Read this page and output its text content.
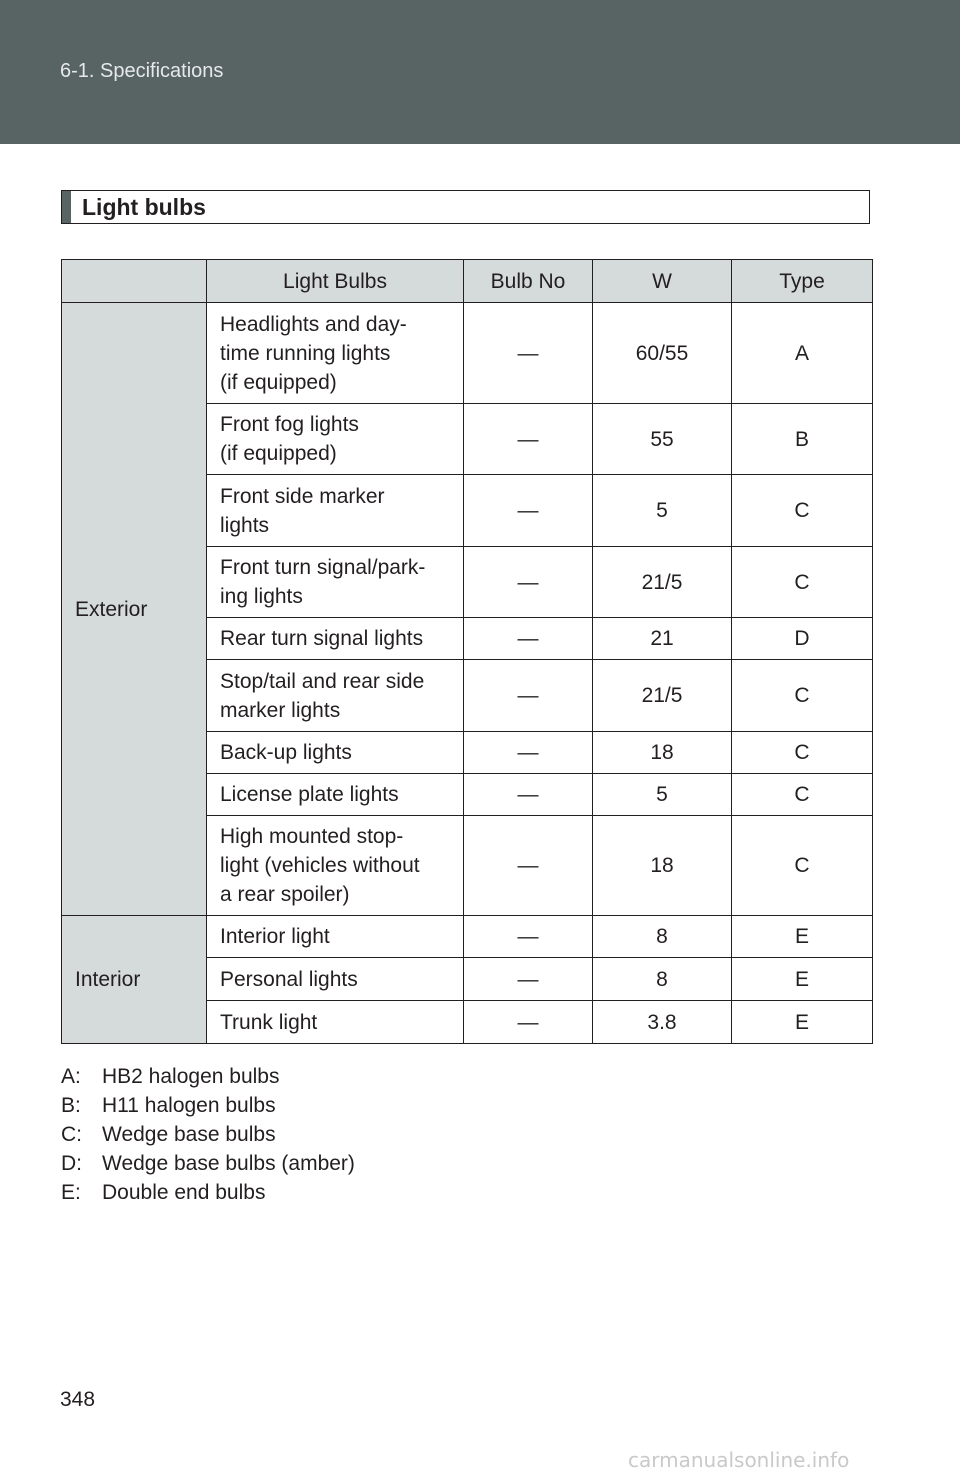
6-1. Specifications
Light bulbs
	Light Bulbs	Bulb No	W	Type
Exterior	Headlights and day-
time running lights
(if equipped)	—	60/55	A
	Front fog lights
(if equipped)	—	55	B
	Front side marker
lights	—	5	C
	Front turn signal/park-
ing lights	—	21/5	C
	Rear turn signal lights	—	21	D
	Stop/tail and rear side
marker lights	—	21/5	C
	Back-up lights	—	18	C
	License plate lights	—	5	C
	High mounted stop-
light (vehicles without
a rear spoiler)	—	18	C
Interior	Interior light	—	8	E
	Personal lights	—	8	E
	Trunk light	—	3.8	E
A:	HB2 halogen bulbs
B:	H11 halogen bulbs
C: Wedge base bulbs
D: Wedge base bulbs (amber)
E:	Double end bulbs
348
carmanualsonline.info
